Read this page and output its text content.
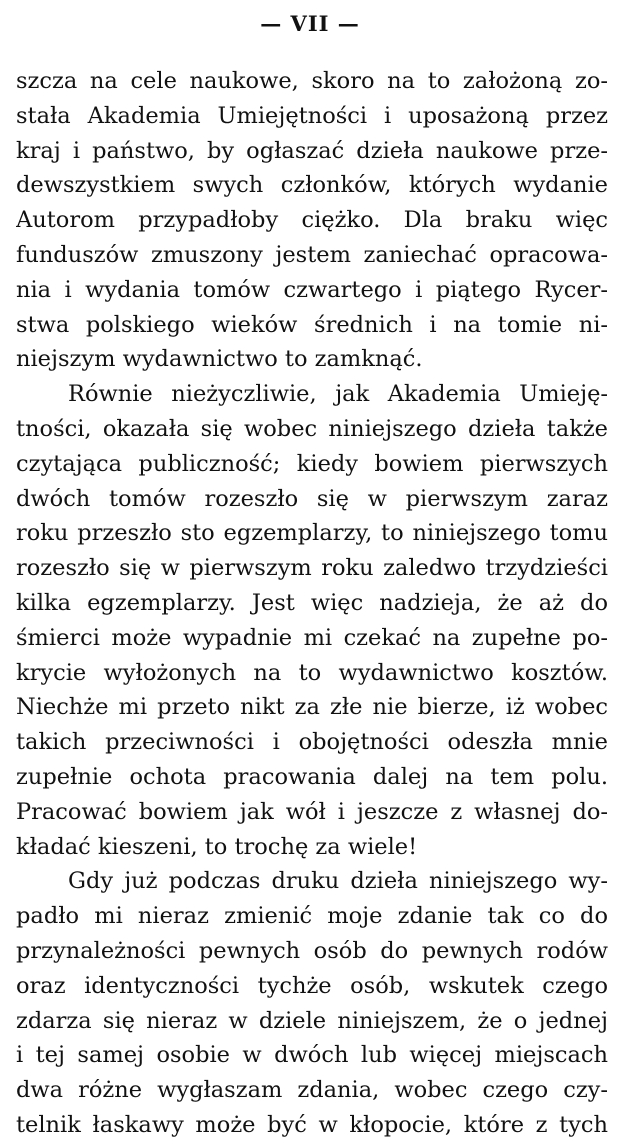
— VII —
szcza na cele naukowe, skoro na to założoną zo-
stała Akademia Umiejętności i uposażoną przez
kraj i państwo, by ogłaszać dzieła naukowe prze-
dewszystkiem swych członków, których wydanie
Autorom przypadłoby ciężko. Dla braku więc
funduszów zmuszony jestem zaniechać opracowa-
nia i wydania tomów czwartego i piątego Rycer-
stwa polskiego wieków średnich i na tomie ni-
niejszym wydawnictwo to zamknąć.
Równie nieżyczliwie, jak Akademia Umieję-
tności, okazała się wobec niniejszego dzieła także
czytająca publiczność; kiedy bowiem pierwszych
dwóch tomów rozeszło się w pierwszym zaraz
roku przeszło sto egzemplarzy, to niniejszego tomu
rozeszło się w pierwszym roku zaledwo trzydzieści
kilka egzemplarzy. Jest więc nadzieja, że aż do
śmierci może wypadnie mi czekać na zupełne po-
krycie wyłożonych na to wydawnictwo kosztów.
Niechże mi przeto nikt za złe nie bierze, iż wobec
takich przeciwności i obojętności odeszła mnie
zupełnie ochota pracowania dalej na tem polu.
Pracować bowiem jak wół i jeszcze z własnej do-
kładać kieszeni, to trochę za wiele!
Gdy już podczas druku dzieła niniejszego wy-
padło mi nieraz zmienić moje zdanie tak co do
przynależności pewnych osób do pewnych rodów
oraz identyczności tychże osób, wskutek czego
zdarza się nieraz w dziele niniejszem, że o jednej
i tej samej osobie w dwóch lub więcej miejscach
dwa różne wygłaszam zdania, wobec czego czy-
telnik łaskawy może być w kłopocie, które z tych
